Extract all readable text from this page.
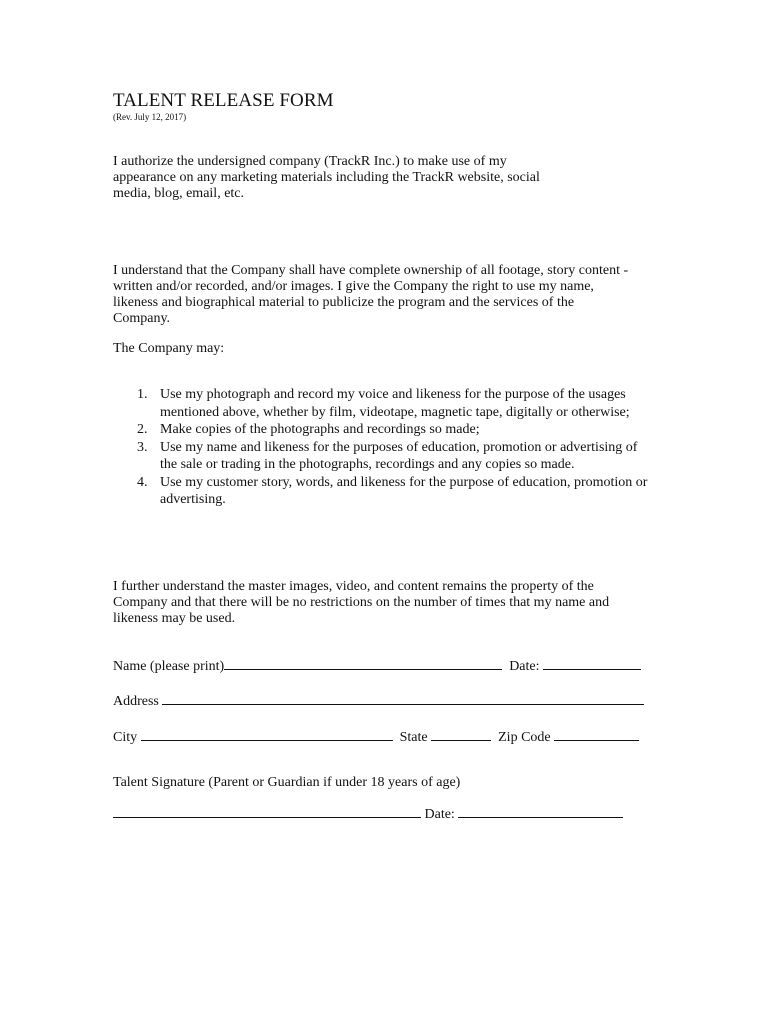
TALENT RELEASE FORM

(Rev. July 12, 2017)

I authorize the undersigned company (TrackR Inc.) to make use of my appearance on any marketing materials including the TrackR website, social media, blog, email, etc.

I understand that the Company shall have complete ownership of all footage, story content - written and/or recorded, and/or images. I give the Company the right to use my name, likeness and biographical material to publicize the program and the services of the Company.

The Company may:

1. Use my photograph and record my voice and likeness for the purpose of the usages mentioned above, whether by film, videotape, magnetic tape, digitally or otherwise;
2. Make copies of the photographs and recordings so made;
3. Use my name and likeness for the purposes of education, promotion or advertising of the sale or trading in the photographs, recordings and any copies so made.
4. Use my customer story, words, and likeness for the purpose of education, promotion or advertising.

I further understand the master images, video, and content remains the property of the Company and that there will be no restrictions on the number of times that my name and likeness may be used.

Name (please print)	Date:
Address
City	State	Zip Code
Talent Signature (Parent or Guardian if under 18 years of age)
Date:
